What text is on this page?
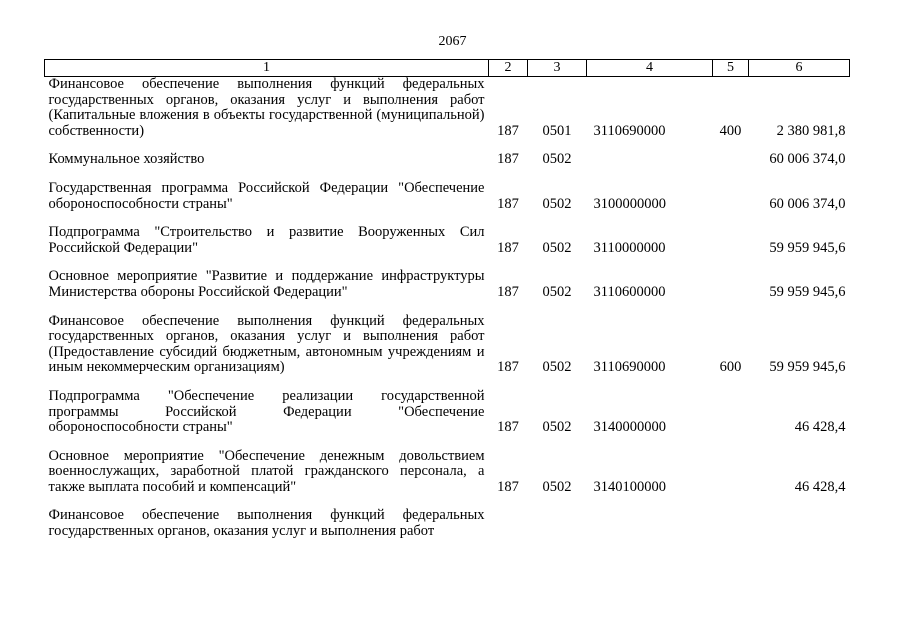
2067
1	2	3	4	5	6
Финансовое обеспечение выполнения функций федеральных государственных органов, оказания услуг и выполнения работ (Капитальные вложения в объекты государственной (муниципальной) собственности)	187	0501	3110690000	400	2 380 981,8

Коммунальное хозяйство	187	0502			60 006 374,0

Государственная программа Российской Федерации "Обеспечение обороноспособности страны"	187	0502	3100000000		60 006 374,0

Подпрограмма "Строительство и развитие Вооруженных Сил Российской Федерации"	187	0502	3110000000		59 959 945,6

Основное мероприятие "Развитие и поддержание инфраструктуры Министерства обороны Российской Федерации"	187	0502	3110600000		59 959 945,6

Финансовое обеспечение выполнения функций федеральных государственных органов, оказания услуг и выполнения работ (Предоставление субсидий бюджетным, автономным учреждениям и иным некоммерческим организациям)	187	0502	3110690000	600	59 959 945,6

Подпрограмма "Обеспечение реализации государственной программы Российской Федерации "Обеспечение обороноспособности страны"	187	0502	3140000000		46 428,4

Основное мероприятие "Обеспечение денежным довольствием военнослужащих, заработной платой гражданского персонала, а также выплата пособий и компенсаций"	187	0502	3140100000		46 428,4

Финансовое обеспечение выполнения функций федеральных государственных органов, оказания услуг и выполнения работ					
